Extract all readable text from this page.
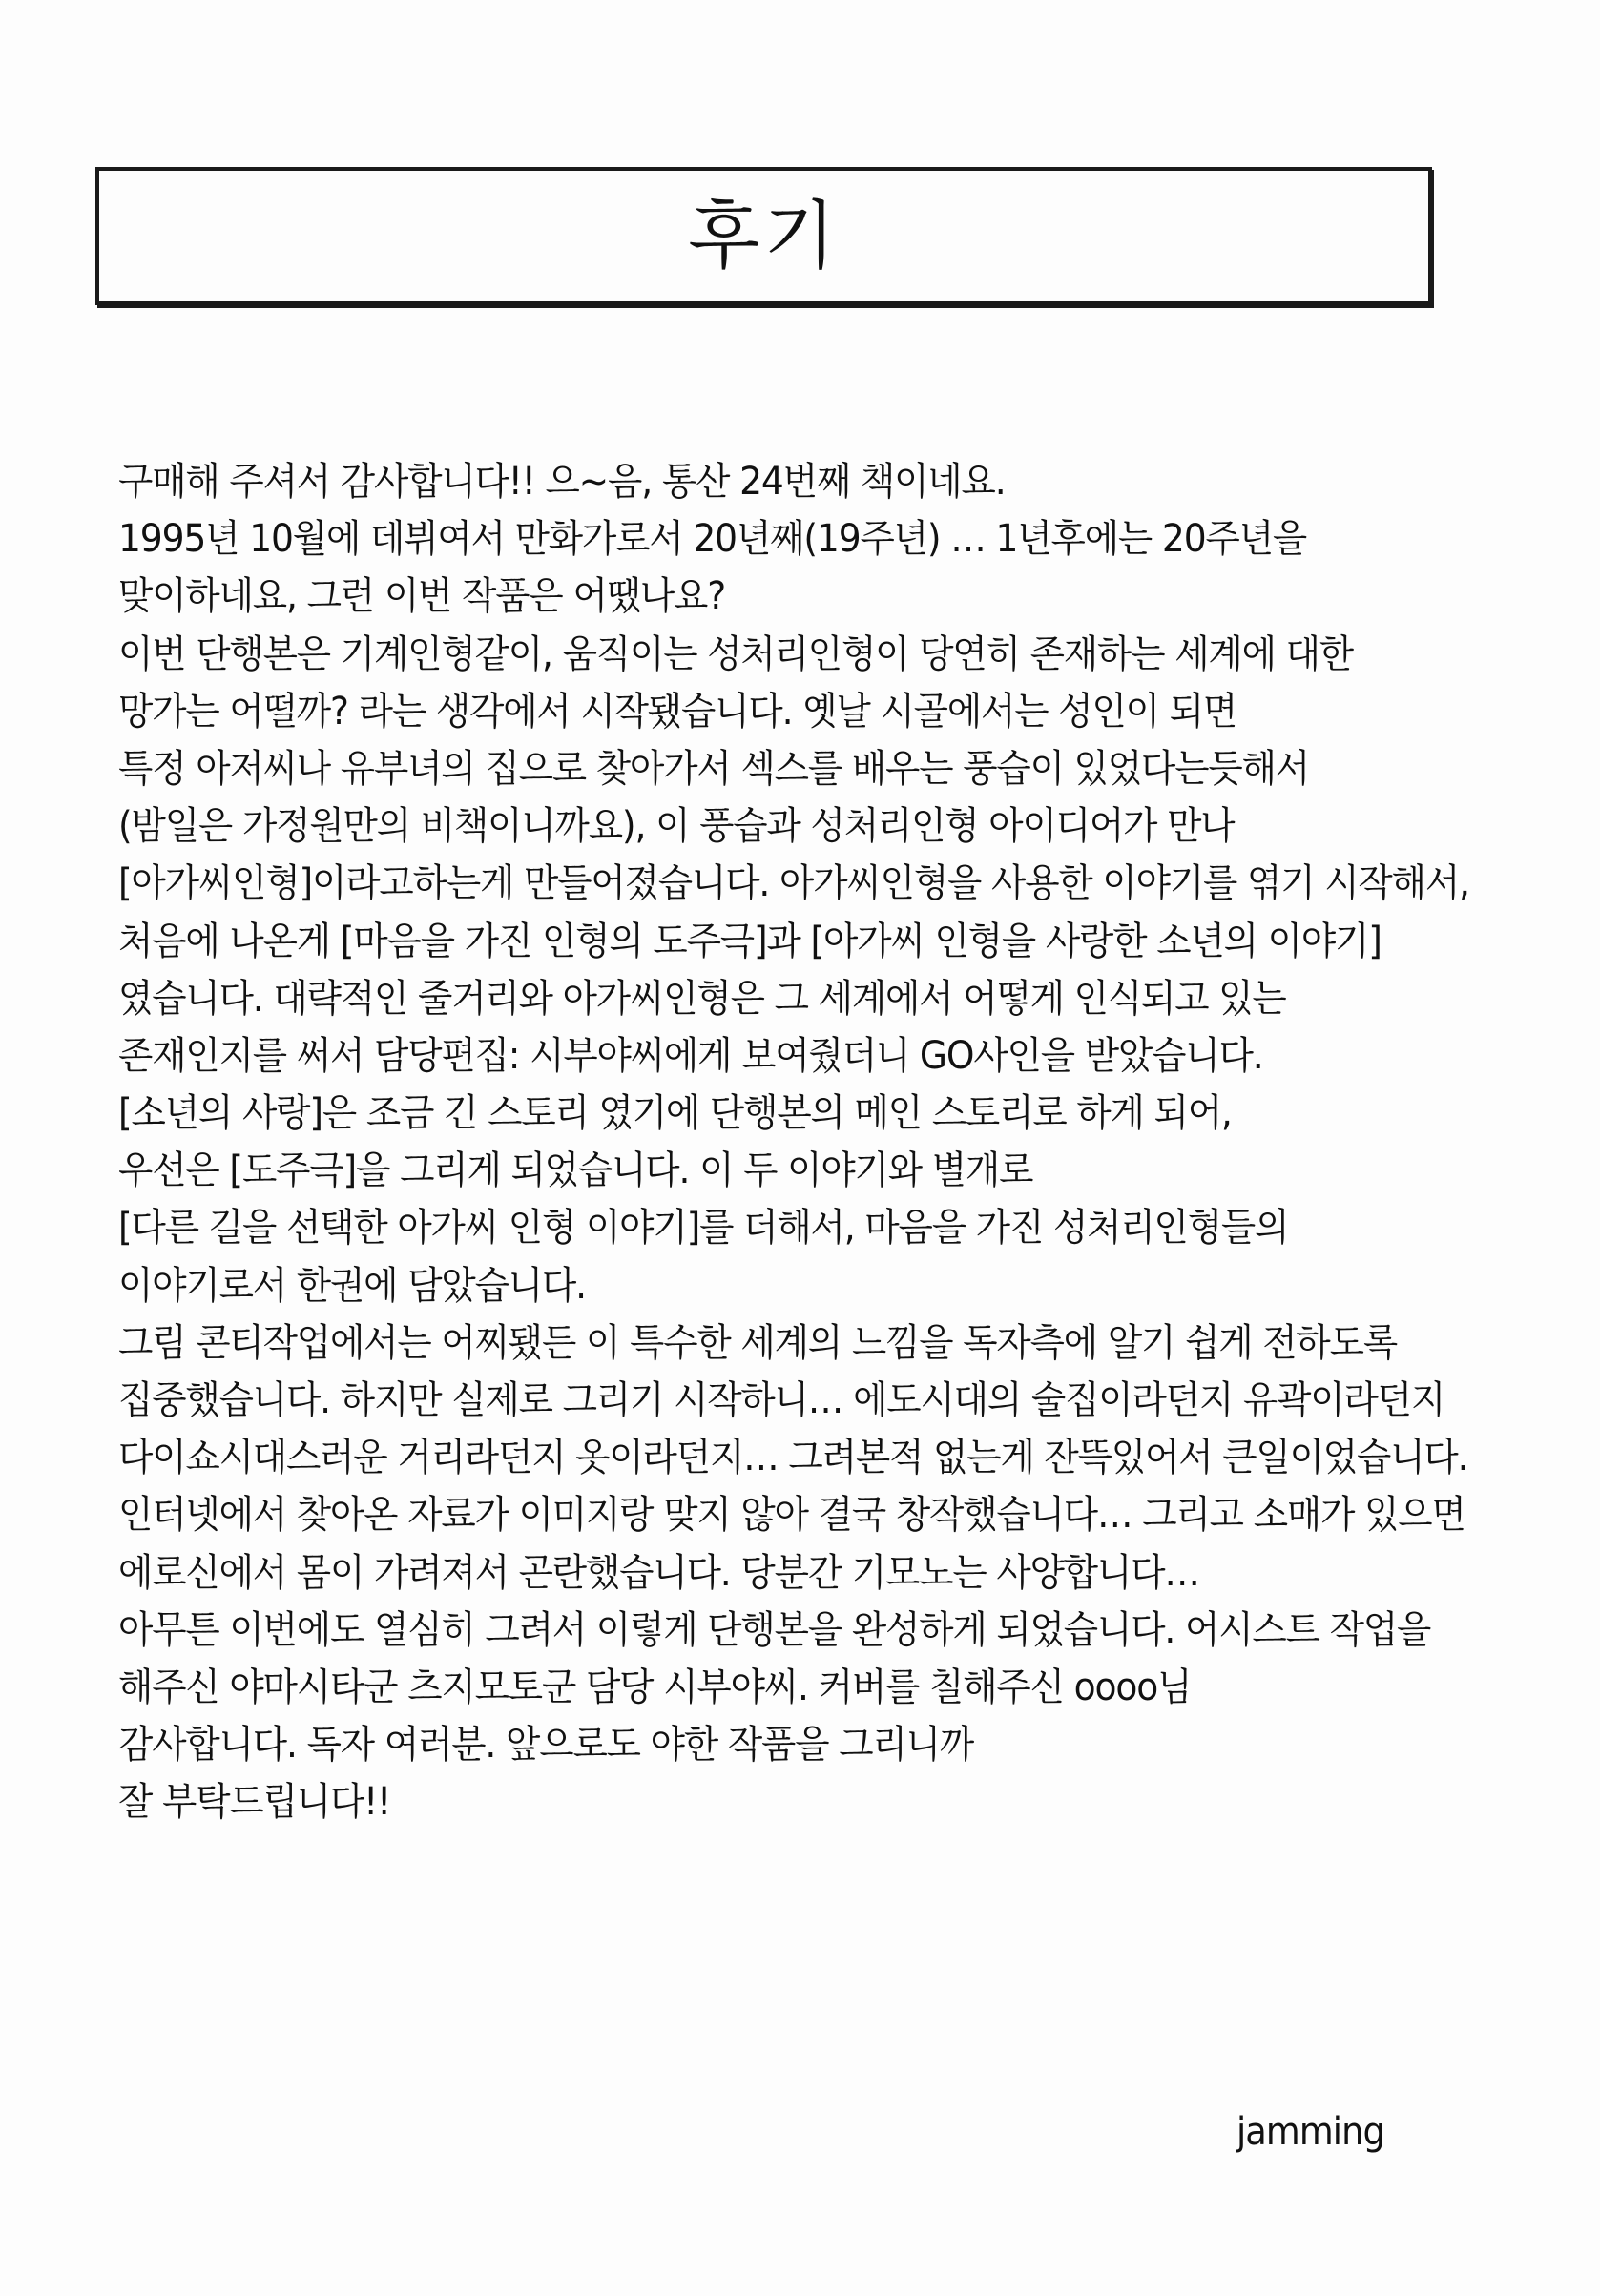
후기
구매해 주셔서 감사합니다!! 으~음, 통산 24번째 책이네요.
1995년 10월에 데뷔여서 만화가로서 20년째(19주년) … 1년후에는 20주년을
맞이하네요, 그런 이번 작품은 어땠나요?
이번 단행본은 기계인형같이, 움직이는 성처리인형이 당연히 존재하는 세계에 대한
망가는 어떨까? 라는 생각에서 시작됐습니다. 옛날 시골에서는 성인이 되면
특정 아저씨나 유부녀의 집으로 찾아가서 섹스를 배우는 풍습이 있었다는듯해서
(밤일은 가정원만의 비책이니까요), 이 풍습과 성처리인형 아이디어가 만나
[아가씨인형]이라고하는게 만들어졌습니다. 아가씨인형을 사용한 이야기를 엮기 시작해서,
처음에 나온게 [마음을 가진 인형의 도주극]과 [아가씨 인형을 사랑한 소년의 이야기]
였습니다. 대략적인 줄거리와 아가씨인형은 그 세계에서 어떻게 인식되고 있는
존재인지를 써서 담당편집: 시부야씨에게 보여줬더니 GO사인을 받았습니다.
[소년의 사랑]은 조금 긴 스토리 였기에 단행본의 메인 스토리로 하게 되어,
우선은 [도주극]을 그리게 되었습니다. 이 두 이야기와 별개로
[다른 길을 선택한 아가씨 인형 이야기]를 더해서, 마음을 가진 성처리인형들의
이야기로서 한권에 담았습니다.
그림 콘티작업에서는 어찌됐든 이 특수한 세계의 느낌을 독자측에 알기 쉽게 전하도록
집중했습니다. 하지만 실제로 그리기 시작하니… 에도시대의 술집이라던지 유곽이라던지
다이쇼시대스러운 거리라던지 옷이라던지… 그려본적 없는게 잔뜩있어서 큰일이었습니다.
인터넷에서 찾아온 자료가 이미지랑 맞지 않아 결국 창작했습니다… 그리고 소매가 있으면
에로신에서 몸이 가려져서 곤란했습니다. 당분간 기모노는 사양합니다…
아무튼 이번에도 열심히 그려서 이렇게 단행본을 완성하게 되었습니다. 어시스트 작업을
해주신 야마시타군 츠지모토군 담당 시부야씨. 커버를 칠해주신 oooo님
감사합니다. 독자 여러분. 앞으로도 야한 작품을 그리니까
잘 부탁드립니다!!
jamming
